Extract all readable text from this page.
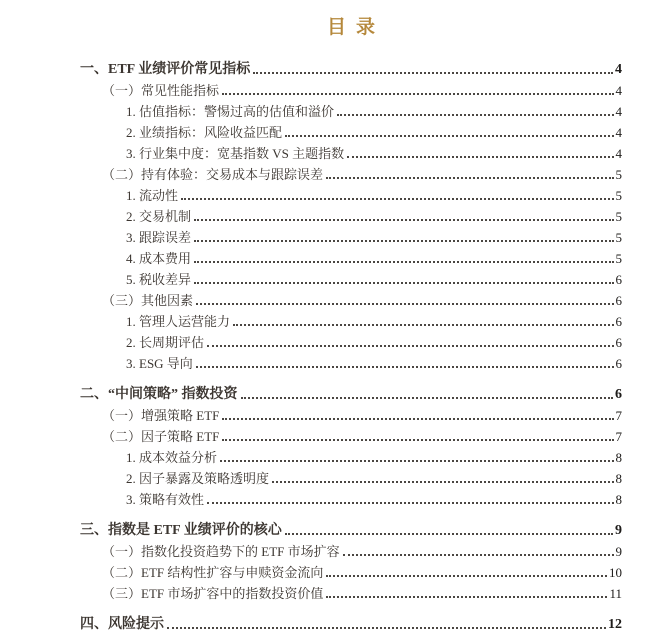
目录
一、ETF 业绩评价常见指标	4
（一）常见性能指标	4
1. 估值指标：警惕过高的估值和溢价	4
2. 业绩指标：风险收益匹配	4
3. 行业集中度：宽基指数 VS 主题指数	4
（二）持有体验：交易成本与跟踪误差	5
1. 流动性	5
2. 交易机制	5
3. 跟踪误差	5
4. 成本费用	5
5. 税收差异	6
（三）其他因素	6
1. 管理人运营能力	6
2. 长周期评估	6
3. ESG 导向	6
二、“中间策略” 指数投资	6
（一）增强策略 ETF	7
（二）因子策略 ETF	7
1. 成本效益分析	8
2. 因子暴露及策略透明度	8
3. 策略有效性	8
三、指数是 ETF 业绩评价的核心	9
（一）指数化投资趋势下的 ETF 市场扩容	9
（二）ETF 结构性扩容与申赎资金流向	10
（三）ETF 市场扩容中的指数投资价值	11
四、风险提示	12
